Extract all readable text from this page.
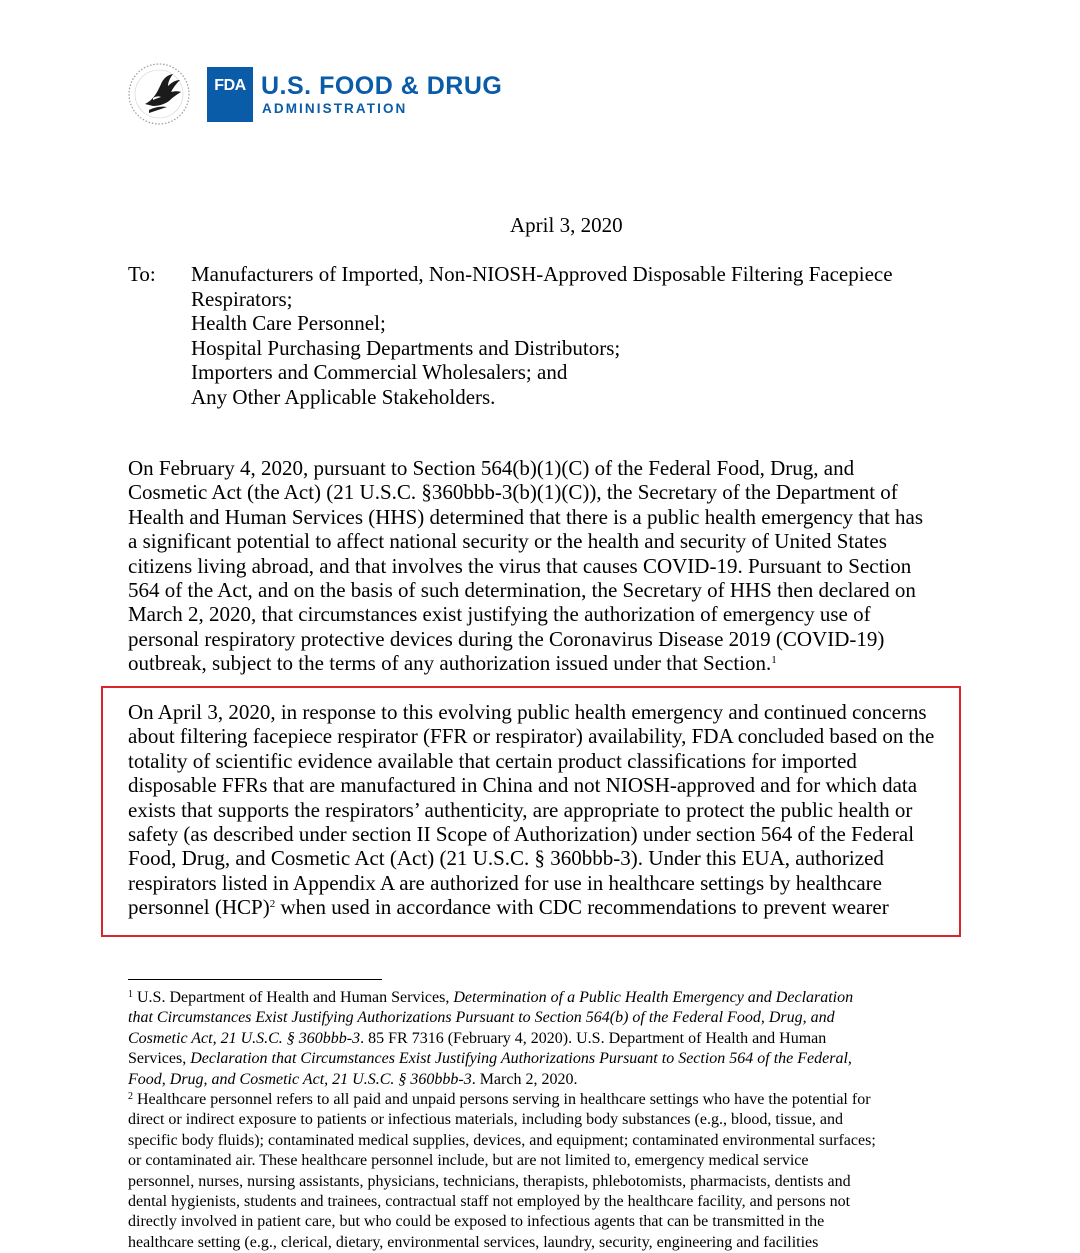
FDA U.S. FOOD & DRUG
ADMINISTRATION
April 3, 2020
To: Manufacturers of Imported, Non-NIOSH-Approved Disposable Filtering Facepiece
Respirators;
Health Care Personnel;
Hospital Purchasing Departments and Distributors;
Importers and Commercial Wholesalers; and
Any Other Applicable Stakeholders.

On February 4, 2020, pursuant to Section 564(b)(1)(C) of the Federal Food, Drug, and
Cosmetic Act (the Act) (21 U.S.C. §360bbb-3(b)(1)(C)), the Secretary of the Department of
Health and Human Services (HHS) determined that there is a public health emergency that has
a significant potential to affect national security or the health and security of United States
citizens living abroad, and that involves the virus that causes COVID-19. Pursuant to Section
564 of the Act, and on the basis of such determination, the Secretary of HHS then declared on
March 2, 2020, that circumstances exist justifying the authorization of emergency use of
personal respiratory protective devices during the Coronavirus Disease 2019 (COVID-19)
outbreak, subject to the terms of any authorization issued under that Section.$^1$

On April 3, 2020, in response to this evolving public health emergency and continued concerns
about filtering facepiece respirator (FFR or respirator) availability, FDA concluded based on the
totality of scientific evidence available that certain product classifications for imported
disposable FFRs that are manufactured in China and not NIOSH-approved and for which data
exists that supports the respirators’ authenticity, are appropriate to protect the public health or
safety (as described under section II Scope of Authorization) under section 564 of the Federal
Food, Drug, and Cosmetic Act (Act) (21 U.S.C. § 360bbb-3). Under this EUA, authorized
respirators listed in Appendix A are authorized for use in healthcare settings by healthcare
personnel (HCP)$^2$ when used in accordance with CDC recommendations to prevent wearer

$^1$ U.S. Department of Health and Human Services, Determination of a Public Health Emergency and Declaration
that Circumstances Exist Justifying Authorizations Pursuant to Section 564(b) of the Federal Food, Drug, and
Cosmetic Act, 21 U.S.C. § 360bbb-3. 85 FR 7316 (February 4, 2020). U.S. Department of Health and Human
Services, Declaration that Circumstances Exist Justifying Authorizations Pursuant to Section 564 of the Federal,
Food, Drug, and Cosmetic Act, 21 U.S.C. § 360bbb-3. March 2, 2020.
$^2$ Healthcare personnel refers to all paid and unpaid persons serving in healthcare settings who have the potential for
direct or indirect exposure to patients or infectious materials, including body substances (e.g., blood, tissue, and
specific body fluids); contaminated medical supplies, devices, and equipment; contaminated environmental surfaces;
or contaminated air. These healthcare personnel include, but are not limited to, emergency medical service
personnel, nurses, nursing assistants, physicians, technicians, therapists, phlebotomists, pharmacists, dentists and
dental hygienists, students and trainees, contractual staff not employed by the healthcare facility, and persons not
directly involved in patient care, but who could be exposed to infectious agents that can be transmitted in the
healthcare setting (e.g., clerical, dietary, environmental services, laundry, security, engineering and facilities
